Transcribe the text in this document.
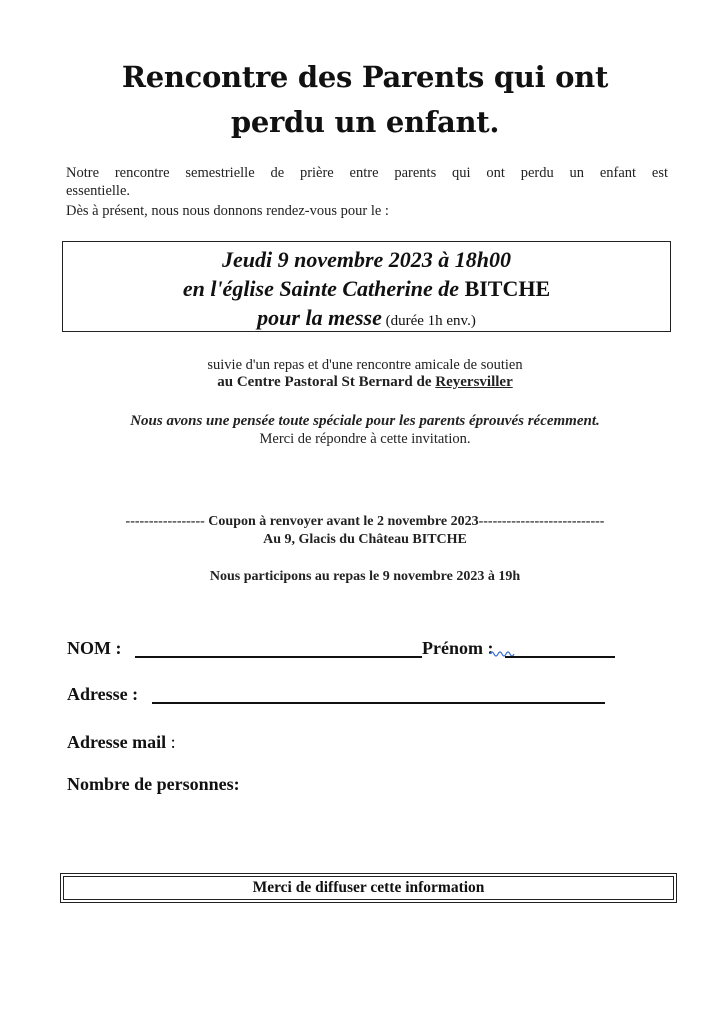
Rencontre des Parents qui ont
perdu un enfant.
Notre rencontre semestrielle de prière entre parents qui ont perdu un enfant est
essentielle.
Dès à présent, nous nous donnons rendez-vous pour le :
Jeudi 9 novembre 2023 à 18h00
en l'église Sainte Catherine de BITCHE
pour la messe (durée 1h env.)
suivie d'un repas et d'une rencontre amicale de soutien
au Centre Pastoral St Bernard de Reyersviller
Nous avons une pensée toute spéciale pour les parents éprouvés récemment.
Merci de répondre à cette invitation.
----------------- Coupon à renvoyer avant le 2 novembre 2023---------------------------
Au 9, Glacis du Château BITCHE
Nous participons au repas le 9 novembre 2023 à 19h
NOM :	Prénom :
Adresse :
Adresse mail :
Nombre de personnes:
Merci de diffuser cette information
